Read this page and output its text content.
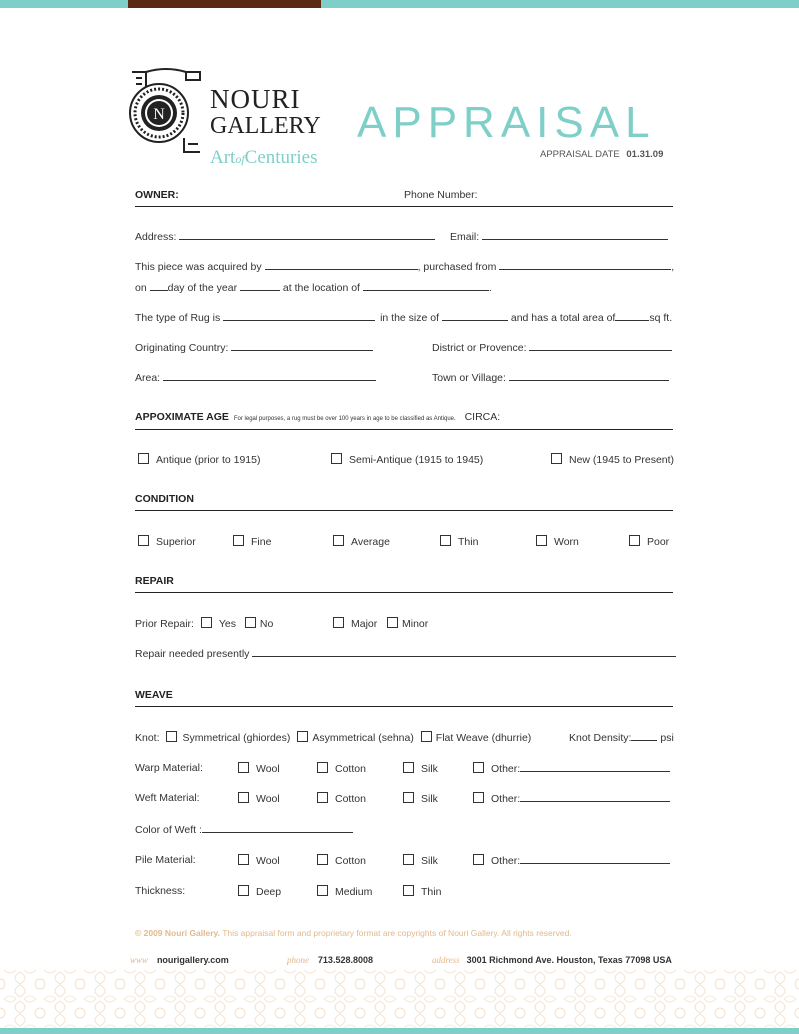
N
NOURI
GALLERY
ArtofCenturies
APPRAISAL
APPRAISAL DATE 01.31.09
OWNER:	Phone Number:
Address:	Email:
This piece was acquired by	, purchased from	,
on day of the year	at the location of	.
The type of Rug is	in the size of	and has a total area of	sq ft.
Originating Country:	District or Provence:
Area:	Town or Village:
APPOXIMATE AGE For legal purposes, a rug must be over 100 years in age to be classified as Antique. CIRCA:
Antique (prior to 1915)	Semi-Antique (1915 to 1945)	New (1945 to Present)
CONDITION
Superior	Fine	Average	Thin	Worn	Poor
REPAIR
Prior Repair: Yes No	Major	Minor
Repair needed presently
WEAVE
Knot: Symmetrical (ghiordes) Asymmetrical (sehna) Flat Weave (dhurrie)	Knot Density:	psi
Warp Material:	Wool	Cotton	Silk	Other:
Weft Material:	Wool	Cotton	Silk	Other:
Color of Weft :
Pile Material:	Wool	Cotton	Silk	Other:
Thickness:	Deep	Medium	Thin
© 2009 Nouri Gallery. This appraisal form and proprietary format are copyrights of Nouri Gallery. All rights reserved.
www nourigallery.com	phone 713.528.8008	address 3001 Richmond Ave. Houston, Texas 77098 USA
